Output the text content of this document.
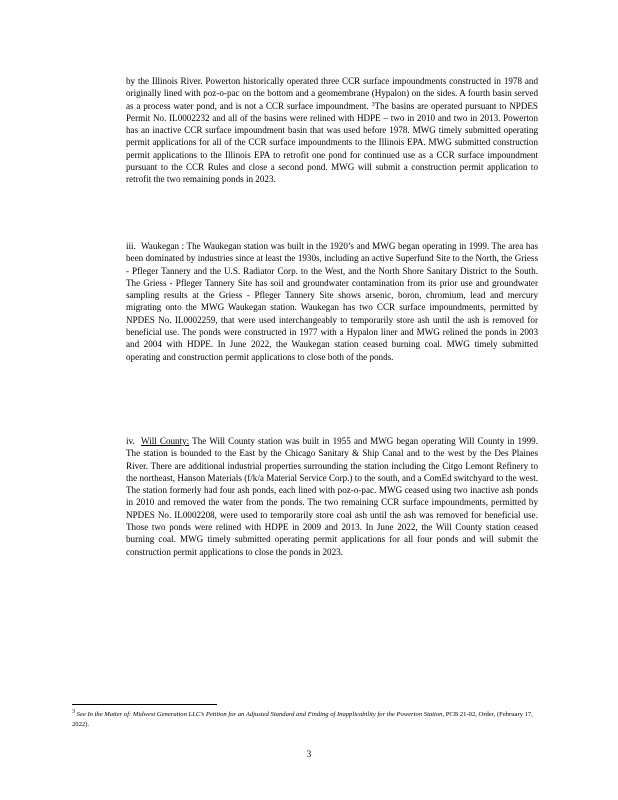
by the Illinois River. Powerton historically operated three CCR surface impoundments constructed in 1978 and originally lined with poz-o-pac on the bottom and a geomembrane (Hypalon) on the sides. A fourth basin served as a process water pond, and is not a CCR surface impoundment. $^3$The basins are operated pursuant to NPDES Permit No. IL0002232 and all of the basins were relined with HDPE – two in 2010 and two in 2013. Powerton has an inactive CCR surface impoundment basin that was used before 1978. MWG timely submitted operating permit applications for all of the CCR surface impoundments to the Illinois EPA. MWG submitted construction permit applications to the Illinois EPA to retrofit one pond for continued use as a CCR surface impoundment pursuant to the CCR Rules and close a second pond. MWG will submit a construction permit application to retrofit the two remaining ponds in 2023.

iii. Waukegan : The Waukegan station was built in the 1920’s and MWG began operating in 1999. The area has been dominated by industries since at least the 1930s, including an active Superfund Site to the North, the Griess - Pfleger Tannery and the U.S. Radiator Corp. to the West, and the North Shore Sanitary District to the South. The Griess - Pfleger Tannery Site has soil and groundwater contamination from its prior use and groundwater sampling results at the Griess - Pfleger Tannery Site shows arsenic, boron, chromium, lead and mercury migrating onto the MWG Waukegan station. Waukegan has two CCR surface impoundments, permitted by NPDES No. IL0002259, that were used interchangeably to temporarily store ash until the ash is removed for beneficial use. The ponds were constructed in 1977 with a Hypalon liner and MWG relined the ponds in 2003 and 2004 with HDPE. In June 2022, the Waukegan station ceased burning coal. MWG timely submitted operating and construction permit applications to close both of the ponds.

iv. Will County: The Will County station was built in 1955 and MWG began operating Will County in 1999. The station is bounded to the East by the Chicago Sanitary & Ship Canal and to the west by the Des Plaines River. There are additional industrial properties surrounding the station including the Citgo Lemont Refinery to the northeast, Hanson Materials (f/k/a Material Service Corp.) to the south, and a ComEd switchyard to the west. The station formerly had four ash ponds, each lined with poz-o-pac. MWG ceased using two inactive ash ponds in 2010 and removed the water from the ponds. The two remaining CCR surface impoundments, permitted by NPDES No. IL0002208, were used to temporarily store coal ash until the ash was removed for beneficial use. Those two ponds were relined with HDPE in 2009 and 2013. In June 2022, the Will County station ceased burning coal. MWG timely submitted operating permit applications for all four ponds and will submit the construction permit applications to close the ponds in 2023.

$^3$ See In the Matter of: Midwest Generation LLC’s Petition for an Adjusted Standard and Finding of Inapplicability for the Powerton Station, PCB 21-02, Order, (February 17, 2022).

3
